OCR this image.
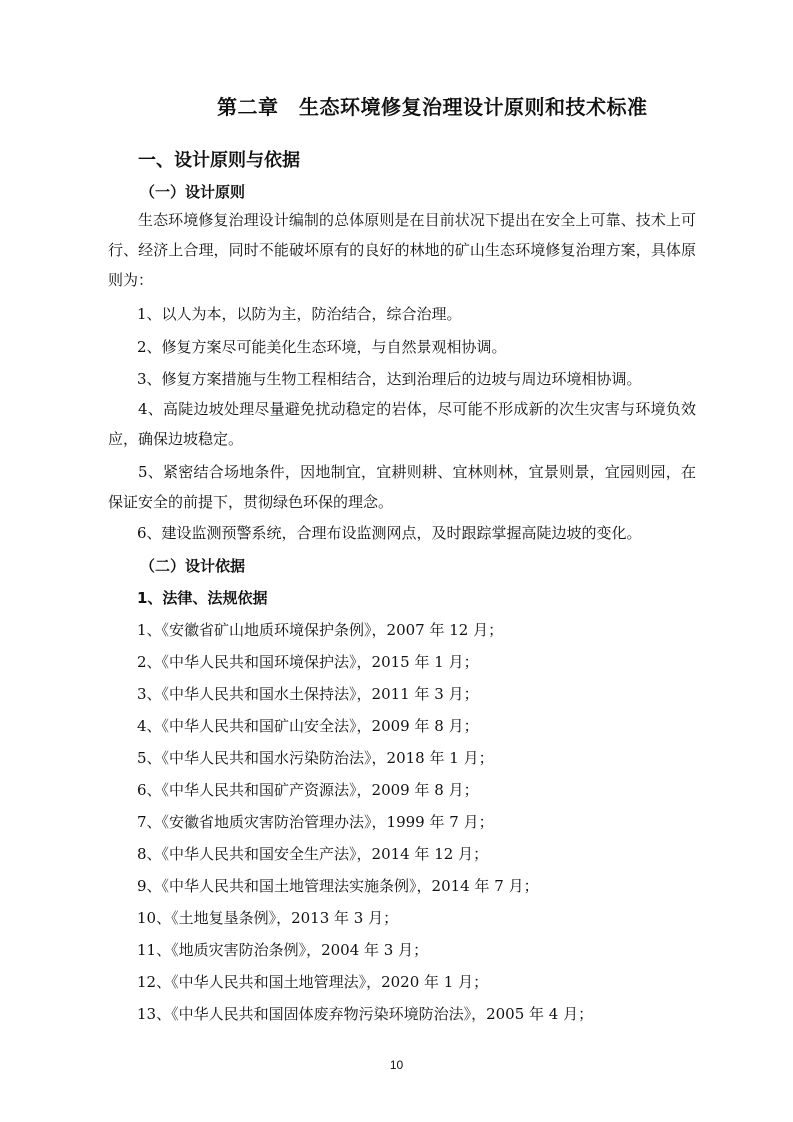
第二章　生态环境修复治理设计原则和技术标准
一、设计原则与依据
（一）设计原则
生态环境修复治理设计编制的总体原则是在目前状况下提出在安全上可靠、技术上可行、经济上合理，同时不能破坏原有的良好的林地的矿山生态环境修复治理方案，具体原则为：
1、以人为本，以防为主，防治结合，综合治理。
2、修复方案尽可能美化生态环境，与自然景观相协调。
3、修复方案措施与生物工程相结合，达到治理后的边坡与周边环境相协调。
4、高陡边坡处理尽量避免扰动稳定的岩体，尽可能不形成新的次生灾害与环境负效应，确保边坡稳定。
5、紧密结合场地条件，因地制宜，宜耕则耕、宜林则林，宜景则景，宜园则园，在保证安全的前提下，贯彻绿色环保的理念。
6、建设监测预警系统，合理布设监测网点，及时跟踪掌握高陡边坡的变化。
（二）设计依据
1、法律、法规依据
1、《安徽省矿山地质环境保护条例》，2007 年 12 月；
2、《中华人民共和国环境保护法》，2015 年 1 月；
3、《中华人民共和国水土保持法》，2011 年 3 月；
4、《中华人民共和国矿山安全法》，2009 年 8 月；
5、《中华人民共和国水污染防治法》，2018 年 1 月；
6、《中华人民共和国矿产资源法》，2009 年 8 月；
7、《安徽省地质灾害防治管理办法》，1999 年 7 月；
8、《中华人民共和国安全生产法》，2014 年 12 月；
9、《中华人民共和国土地管理法实施条例》，2014 年 7 月；
10、《土地复垦条例》，2013 年 3 月；
11、《地质灾害防治条例》，2004 年 3 月；
12、《中华人民共和国土地管理法》，2020 年 1 月；
13、《中华人民共和国固体废弃物污染环境防治法》，2005 年 4 月；
10
